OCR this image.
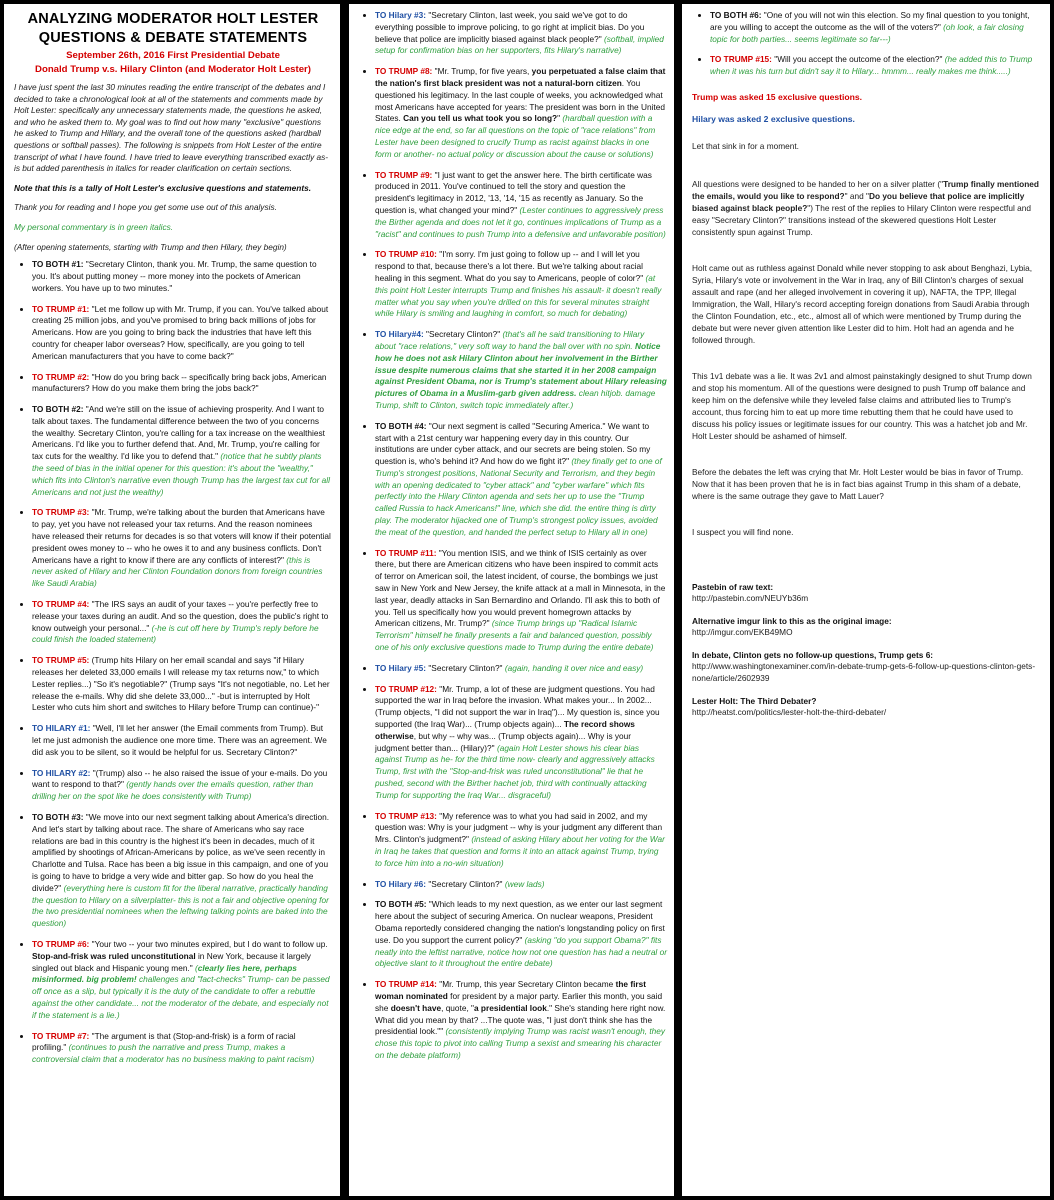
ANALYZING MODERATOR HOLT LESTER

QUESTIONS & DEBATE STATEMENTS

September 26th, 2016 First Presidential Debate

Donald Trump v.s. Hilary Clinton (and Moderator Holt Lester)

I have just spent the last 30 minutes reading the entire transcript of the debates and I decided to take a chronological look at all of the statements and comments made by Holt Lester: specifically any unnecessary statements made, the questions he asked, and who he asked them to. My goal was to find out how many "exclusive" questions he asked to Trump and Hillary, and the overall tone of the questions asked (hardball questions or softball passes). The following is snippets from Holt Lester of the entire transcript of what I have found. I have tried to leave everything transcribed exactly as-is but added parenthesis in italics for reader clarification on certain sections.

Note that this is a tally of Holt Lester's exclusive questions and statements.

Thank you for reading and I hope you get some use out of this analysis.

My personal commentary is in green italics.

(After opening statements, starting with Trump and then Hilary, they begin)

• TO BOTH #1: "Secretary Clinton, thank you. Mr. Trump, the same question to you. It's about putting money -- more money into the pockets of American workers. You have up to two minutes."
• TO TRUMP #1: "Let me follow up with Mr. Trump, if you can. You've talked about creating 25 million jobs, and you've promised to bring back millions of jobs for Americans. How are you going to bring back the industries that have left this country for cheaper labor overseas? How, specifically, are you going to tell American manufacturers that you have to come back?"
• TO TRUMP #2: "How do you bring back -- specifically bring back jobs, American manufacturers? How do you make them bring the jobs back?"
• TO BOTH #2: "And we're still on the issue of achieving prosperity. And I want to talk about taxes. The fundamental difference between the two of you concerns the wealthy. Secretary Clinton, you're calling for a tax increase on the wealthiest Americans. I'd like you to further defend that. And, Mr. Trump, you're calling for tax cuts for the wealthy. I'd like you to defend that." (notice that he subtly plants the seed of bias in the initial opener for this question: it's about the "wealthy," which fits into Clinton's narrative even though Trump has the largest tax cut for all Americans and not just the wealthy)
• TO TRUMP #3: "Mr. Trump, we're talking about the burden that Americans have to pay, yet you have not released your tax returns. And the reason nominees have released their returns for decades is so that voters will know if their potential president owes money to -- who he owes it to and any business conflicts. Don't Americans have a right to know if there are any conflicts of interest?" (this is never asked of Hilary and her Clinton Foundation donors from foreign countries like Saudi Arabia)
• TO TRUMP #4: "The IRS says an audit of your taxes -- you're perfectly free to release your taxes during an audit. And so the question, does the public's right to know outweigh your personal..." (-he is cut off here by Trump's reply before he could finish the loaded statement)
• TO TRUMP #5: (Trump hits Hilary on her email scandal and says "if Hilary releases her deleted 33,000 emails I will release my tax returns now," to which Lester replies...) "So it's negotiable?" (Trump says "It's not negotiable, no. Let her release the e-mails. Why did she delete 33,000..." -but is interrupted by Holt Lester who cuts him short and switches to Hilary before Trump can continue)-"
• TO HILARY #1: "Well, I'll let her answer (the Email comments from Trump). But let me just admonish the audience one more time. There was an agreement. We did ask you to be silent, so it would be helpful for us. Secretary Clinton?"
• TO HILARY #2: "(Trump) also -- he also raised the issue of your e-mails. Do you want to respond to that?" (gently hands over the emails question, rather than drilling her on the spot like he does consistently with Trump)
• TO BOTH #3: "We move into our next segment talking about America's direction. And let's start by talking about race. The share of Americans who say race relations are bad in this country is the highest it's been in decades, much of it amplified by shootings of African-Americans by police, as we've seen recently in Charlotte and Tulsa. Race has been a big issue in this campaign, and one of you is going to have to bridge a very wide and bitter gap. So how do you heal the divide?" (everything here is custom fit for the liberal narrative, practically handing the question to Hilary on a silverplatter- this is not a fair and objective opening for the two presidential nominees when the leftwing talking points are baked into the question)
• TO TRUMP #6: "Your two -- your two minutes expired, but I do want to follow up. Stop-and-frisk was ruled unconstitutional in New York, because it largely singled out black and Hispanic young men." (clearly lies here, perhaps misinformed. big problem! challenges and "fact-checks" Trump- can be passed off once as a slip, but typically it is the duty of the candidate to offer a rebuttle against the other candidate... not the moderator of the debate, and especially not if the statement is a lie.)
• TO TRUMP #7: "The argument is that (Stop-and-frisk) is a form of racial profiling." (continues to push the narrative and press Trump, makes a controversial claim that a moderator has no business making to paint racism)
• TO Hilary #3: "Secretary Clinton, last week, you said we've got to do everything possible to improve policing, to go right at implicit bias. Do you believe that police are implicitly biased against black people?" (softball, implied setup for confirmation bias on her supporters, fits Hilary's narrative)
• TO TRUMP #8: "Mr. Trump, for five years, you perpetuated a false claim that the nation's first black president was not a natural-born citizen. You questioned his legitimacy. In the last couple of weeks, you acknowledged what most Americans have accepted for years: The president was born in the United States. Can you tell us what took you so long?" (hardball question with a nice edge at the end, so far all questions on the topic of "race relations" from Lester have been designed to crucify Trump as racist against blacks in one form or another- no actual policy or discussion about the cause or solutions)
• TO TRUMP #9: "I just want to get the answer here. The birth certificate was produced in 2011. You've continued to tell the story and question the president's legitimacy in 2012, '13, '14, '15 as recently as January. So the question is, what changed your mind?" (Lester continues to aggressively press the Birther agenda and does not let it go, continues implications of Trump as a "racist" and continues to push Trump into a defensive and unfavorable position)
• TO TRUMP #10: "I'm sorry. I'm just going to follow up -- and I will let you respond to that, because there's a lot there. But we're talking about racial healing in this segment. What do you say to Americans, people of color?" (at this point Holt Lester interrupts Trump and finishes his assault- it doesn't really matter what you say when you're drilled on this for several minutes straight while Hilary is smiling and laughing in comfort, so much for debating)
• TO Hilary#4: "Secretary Clinton?" (that's all he said transitioning to Hilary about "race relations," very soft way to hand the ball over with no spin. Notice how he does not ask Hilary Clinton about her involvement in the Birther issue despite numerous claims that she started it in her 2008 campaign against President Obama, nor is Trump's statement about Hilary releasing pictures of Obama in a Muslim-garb given address. clean hitjob. damage Trump, shift to Clinton, switch topic immediately after.)
• TO BOTH #4: "Our next segment is called "Securing America." We want to start with a 21st century war happening every day in this country. Our institutions are under cyber attack, and our secrets are being stolen. So my question is, who's behind it? And how do we fight it?" (they finally get to one of Trump's strongest positions, National Security and Terrorism, and they begin with an opening dedicated to "cyber attack" and "cyber warfare" which fits perfectly into the Hilary Clinton agenda and sets her up to use the "Trump called Russia to hack Americans!" line, which she did. the entire thing is dirty play. The moderator hijacked one of Trump's strongest policy issues, avoided the meat of the question, and handed the perfect setup to Hilary all in one)
• TO TRUMP #11: "You mention ISIS, and we think of ISIS certainly as over there, but there are American citizens who have been inspired to commit acts of terror on American soil, the latest incident, of course, the bombings we just saw in New York and New Jersey, the knife attack at a mall in Minnesota, in the last year, deadly attacks in San Bernardino and Orlando. I'll ask this to both of you. Tell us specifically how you would prevent homegrown attacks by American citizens, Mr. Trump?" (since Trump brings up "Radical Islamic Terrorism" himself he finally presents a fair and balanced question, possibly one of his only exclusive questions made to Trump during the entire debate)
• TO Hilary #5: "Secretary Clinton?" (again, handing it over nice and easy)
• TO TRUMP #12: "Mr. Trump, a lot of these are judgment questions. You had supported the war in Iraq before the invasion. What makes your... In 2002... (Trump objects, "I did not support the war in Iraq")... My question is, since you supported (the Iraq War)... (Trump objects again)... The record shows otherwise, but why -- why was... (Trump objects again)... Why is your judgment better than... (Hilary)?" (again Holt Lester shows his clear bias against Trump as he- for the third time now- clearly and aggressively attacks Trump, first with the "Stop-and-frisk was ruled unconstitutional" lie that he pushed, second with the Birther hachet job, third with continually attacking Trump for supporting the Iraq War... disgraceful)
• TO TRUMP #13: "My reference was to what you had said in 2002, and my question was: Why is your judgment -- why is your judgment any different than Mrs. Clinton's judgment?" (instead of asking Hilary about her voting for the War in Iraq he takes that question and forms it into an attack against Trump, trying to force him into a no-win situation)
• TO Hilary #6: "Secretary Clinton?" (wew lads)
• TO BOTH #5: "Which leads to my next question, as we enter our last segment here about the subject of securing America. On nuclear weapons, President Obama reportedly considered changing the nation's longstanding policy on first use. Do you support the current policy?" (asking "do you support Obama?" fits neatly into the leftist narrative, notice how not one question has had a neutral or objective slant to it throughout the entire debate)
• TO TRUMP #14: "Mr. Trump, this year Secretary Clinton became the first woman nominated for president by a major party. Earlier this month, you said she doesn't have, quote, "a presidential look." She's standing here right now. What did you mean by that? ...The quote was, "I just don't think she has the presidential look."" (consistently implying Trump was racist wasn't enough, they chose this topic to pivot into calling Trump a sexist and smearing his character on the debate platform)
• TO BOTH #6: "One of you will not win this election. So my final question to you tonight, are you willing to accept the outcome as the will of the voters?" (oh look, a fair closing topic for both parties... seems legitimate so far---)
• TO TRUMP #15: "Will you accept the outcome of the election?" (he added this to Trump when it was his turn but didn't say it to Hilary... hmmm... really makes me think.....)

Trump was asked 15 exclusive questions.

Hilary was asked 2 exclusive questions.

Let that sink in for a moment.

All questions were designed to be handed to her on a silver platter ("Trump finally mentioned the emails, would you like to respond?" and "Do you believe that police are implicitly biased against black people?") The rest of the replies to Hilary Clinton were respectful and easy "Secretary Clinton?" transitions instead of the skewered questions Holt Lester consistently spun against Trump.

Holt came out as ruthless against Donald while never stopping to ask about Benghazi, Lybia, Syria, Hilary's vote or involvement in the War in Iraq, any of Bill Clinton's charges of sexual assault and rape (and her alleged involvement in covering it up), NAFTA, the TPP, Illegal Immigration, the Wall, Hilary's record accepting foreign donations from Saudi Arabia through the Clinton Foundation, etc., etc., almost all of which were mentioned by Trump during the debate but were never given attention like Lester did to him. Holt had an agenda and he followed through.

This 1v1 debate was a lie. It was 2v1 and almost painstakingly designed to shut Trump down and stop his momentum. All of the questions were designed to push Trump off balance and keep him on the defensive while they leveled false claims and attributed lies to Trump's account, thus forcing him to eat up more time rebutting them that he could have used to discuss his policy issues or legitimate issues for our country. This was a hatchet job and Mr. Holt Lester should be ashamed of himself.

Before the debates the left was crying that Mr. Holt Lester would be bias in favor of Trump. Now that it has been proven that he is in fact bias against Trump in this sham of a debate, where is the same outrage they gave to Matt Lauer?

I suspect you will find none.

Pastebin of raw text:
http://pastebin.com/NEUYb36m
Alternative imgur link to this as the original image:
http://imgur.com/EKB49MO
In debate, Clinton gets no follow-up questions, Trump gets 6:
http://www.washingtonexaminer.com/in-debate-trump-gets-6-follow-up-questions-clinton-gets-none/article/2602939
Lester Holt: The Third Debater?
http://heatst.com/politics/lester-holt-the-third-debater/
